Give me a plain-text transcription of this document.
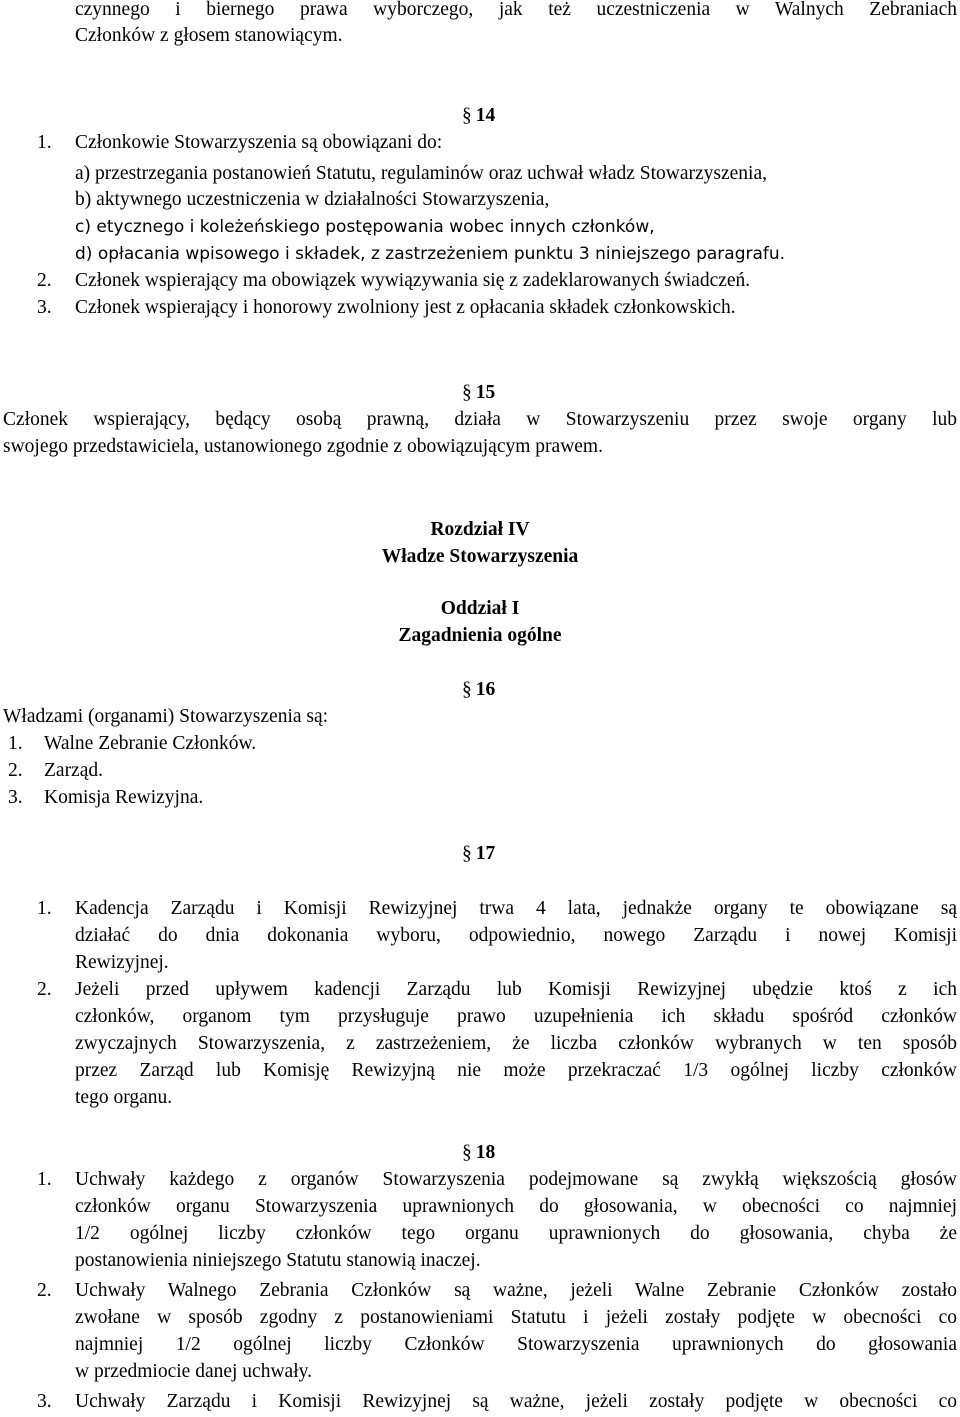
czynnego i biernego prawa wyborczego, jak też uczestniczenia w Walnych Zebraniach
Członków z głosem stanowiącym.
§ 14
1. Członkowie Stowarzyszenia są obowiązani do:
a) przestrzegania postanowień Statutu, regulaminów oraz uchwał władz Stowarzyszenia,
b) aktywnego uczestniczenia w działalności Stowarzyszenia,
c) etycznego i koleżeńskiego postępowania wobec innych członków,
d) opłacania wpisowego i składek, z zastrzeżeniem punktu 3 niniejszego paragrafu.
2. Członek wspierający ma obowiązek wywiązywania się z zadeklarowanych świadczeń.
3. Członek wspierający i honorowy zwolniony jest z opłacania składek członkowskich.
§ 15
Członek wspierający, będący osobą prawną, działa w Stowarzyszeniu przez swoje organy lub
swojego przedstawiciela, ustanowionego zgodnie z obowiązującym prawem.
Rozdział IV
Władze Stowarzyszenia
Oddział I
Zagadnienia ogólne
§ 16
Władzami (organami) Stowarzyszenia są:
1. Walne Zebranie Członków.
2. Zarząd.
3. Komisja Rewizyjna.
§ 17
1. Kadencja Zarządu i Komisji Rewizyjnej trwa 4 lata, jednakże organy te obowiązane są
działać do dnia dokonania wyboru, odpowiednio, nowego Zarządu i nowej Komisji
Rewizyjnej.
2. Jeżeli przed upływem kadencji Zarządu lub Komisji Rewizyjnej ubędzie ktoś z ich
członków, organom tym przysługuje prawo uzupełnienia ich składu spośród członków
zwyczajnych Stowarzyszenia, z zastrzeżeniem, że liczba członków wybranych w ten sposób
przez Zarząd lub Komisję Rewizyjną nie może przekraczać 1/3 ogólnej liczby członków
tego organu.
§ 18
1. Uchwały każdego z organów Stowarzyszenia podejmowane są zwykłą większością głosów
członków organu Stowarzyszenia uprawnionych do głosowania, w obecności co najmniej
1/2 ogólnej liczby członków tego organu uprawnionych do głosowania, chyba że
postanowienia niniejszego Statutu stanowią inaczej.
2. Uchwały Walnego Zebrania Członków są ważne, jeżeli Walne Zebranie Członków zostało
zwołane w sposób zgodny z postanowieniami Statutu i jeżeli zostały podjęte w obecności co
najmniej 1/2 ogólnej liczby Członków Stowarzyszenia uprawnionych do głosowania
w przedmiocie danej uchwały.
3. Uchwały Zarządu i Komisji Rewizyjnej są ważne, jeżeli zostały podjęte w obecności co
